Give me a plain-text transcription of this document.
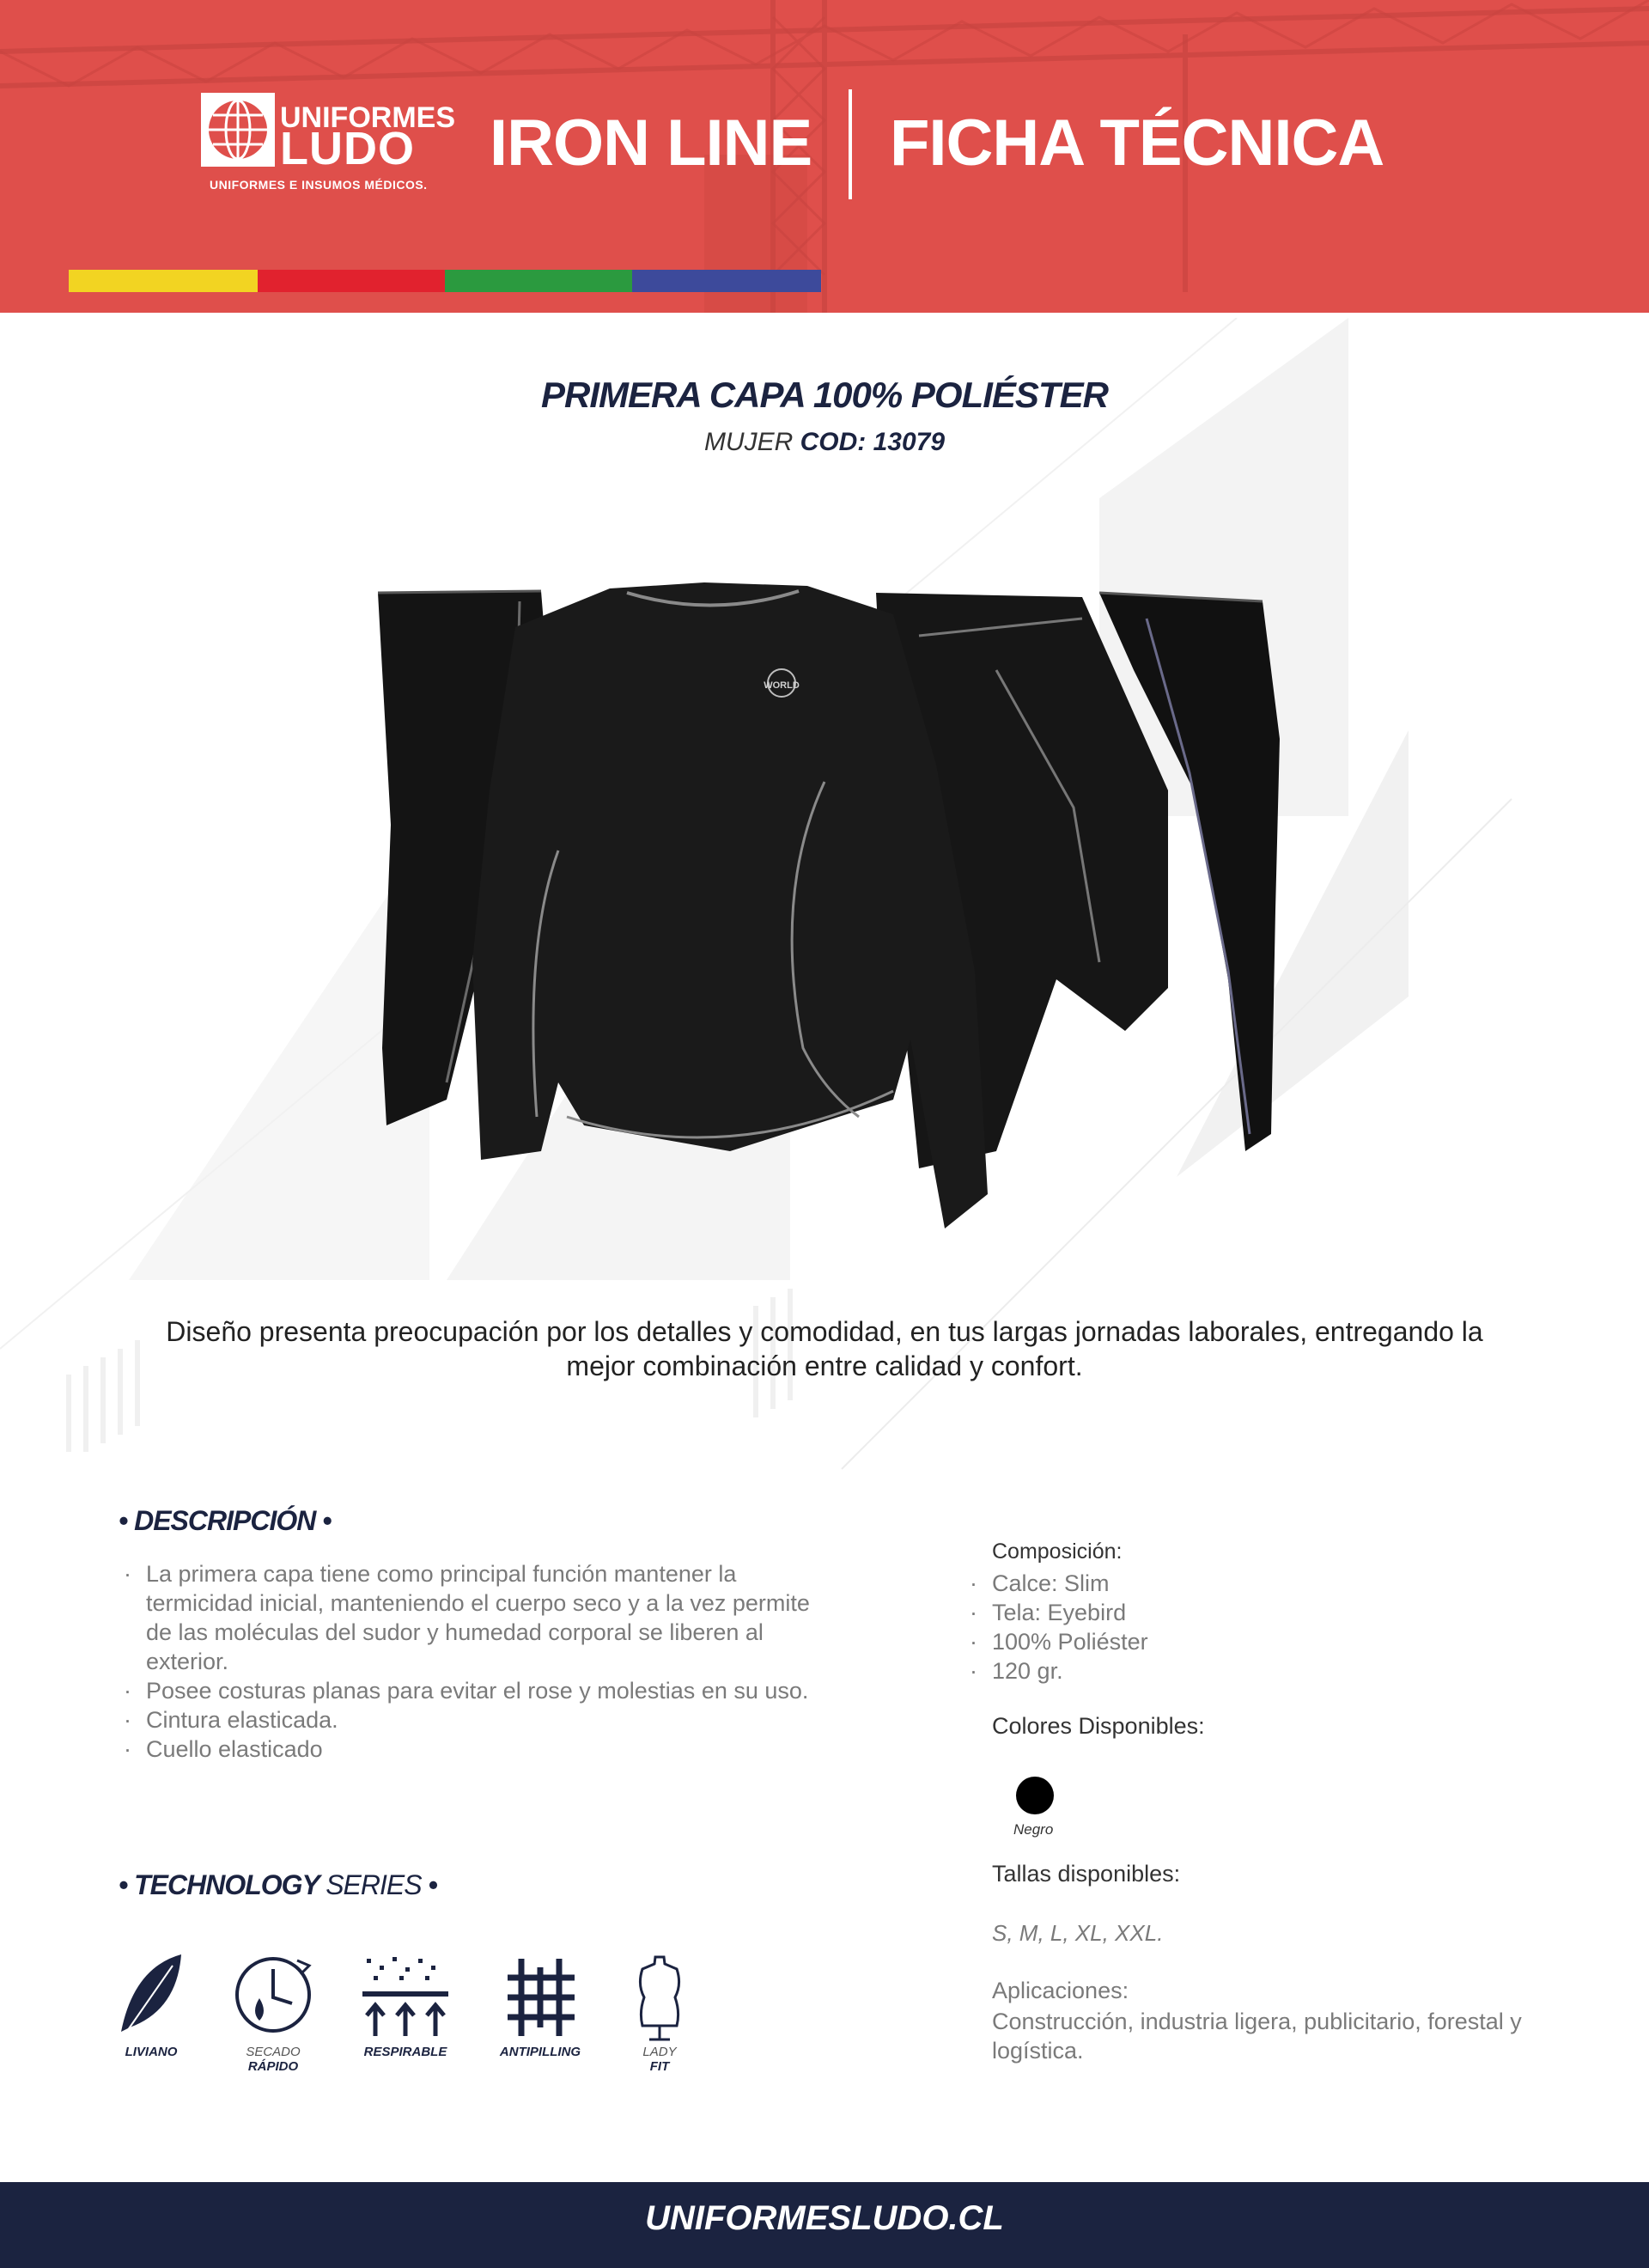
UNIFORMES
LUDO
UNIFORMES E INSUMOS MÉDICOS.
IRON LINE FICHA TÉCNICA
PRIMERA CAPA 100% POLIÉSTER
MUJER COD: 13079
WORLD
Diseño presenta preocupación por los detalles y comodidad, en tus largas jornadas laborales, entregando la mejor combinación entre calidad y confort.
• DESCRIPCIÓN •
· La primera capa tiene como principal función mantener la termicidad inicial, manteniendo el cuerpo seco y a la vez permite de las moléculas del sudor y humedad corporal se liberen al exterior.
· Posee costuras planas para evitar el rose y molestias en su uso.
· Cintura elasticada.
· Cuello elasticado
• TECHNOLOGY SERIES •
LIVIANO	SECADO
RÁPIDO
RESPIRABLE	ANTIPILLING	LADY
FIT
Composición:
· Calce: Slim
· Tela: Eyebird
· 100% Poliéster
· 120 gr.
Colores Disponibles:
Negro
Tallas disponibles:
S, M, L, XL, XXL.
Aplicaciones:
Construcción, industria ligera, publicitario, forestal y logística.
UNIFORMESLUDO.CL
